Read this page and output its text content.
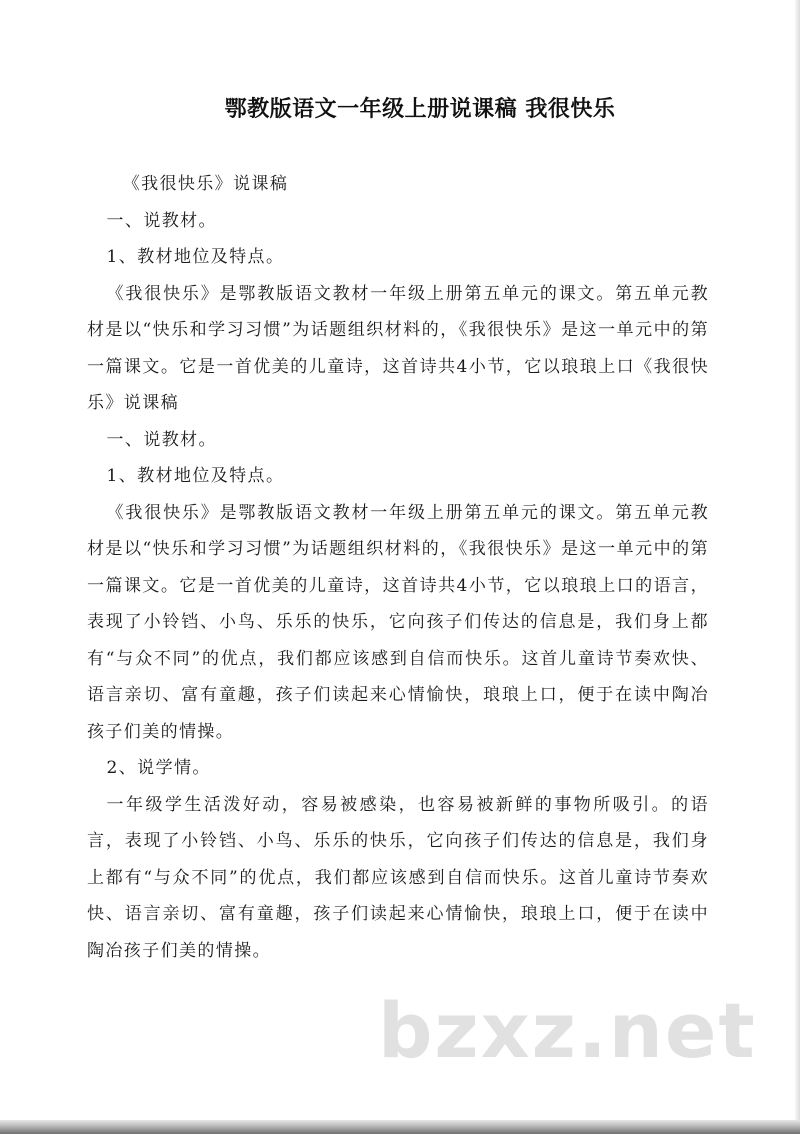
鄂教版语文一年级上册说课稿 我很快乐

《我很快乐》说课稿

一、说教材。

1、教材地位及特点。

《我很快乐》是鄂教版语文教材一年级上册第五单元的课文。第五单元教材是以“快乐和学习习惯”为话题组织材料的，《我很快乐》是这一单元中的第一篇课文。它是一首优美的儿童诗，这首诗共4小节，它以琅琅上口《我很快乐》说课稿

一、说教材。

1、教材地位及特点。

《我很快乐》是鄂教版语文教材一年级上册第五单元的课文。第五单元教材是以“快乐和学习习惯”为话题组织材料的，《我很快乐》是这一单元中的第一篇课文。它是一首优美的儿童诗，这首诗共4小节，它以琅琅上口的语言，表现了小铃铛、小鸟、乐乐的快乐，它向孩子们传达的信息是，我们身上都有“与众不同”的优点，我们都应该感到自信而快乐。这首儿童诗节奏欢快、语言亲切、富有童趣，孩子们读起来心情愉快，琅琅上口，便于在读中陶冶孩子们美的情操。

2、说学情。

一年级学生活泼好动，容易被感染，也容易被新鲜的事物所吸引。的语言，表现了小铃铛、小鸟、乐乐的快乐，它向孩子们传达的信息是，我们身上都有“与众不同”的优点，我们都应该感到自信而快乐。这首儿童诗节奏欢快、语言亲切、富有童趣，孩子们读起来心情愉快，琅琅上口，便于在读中陶冶孩子们美的情操。

bzxz.net
